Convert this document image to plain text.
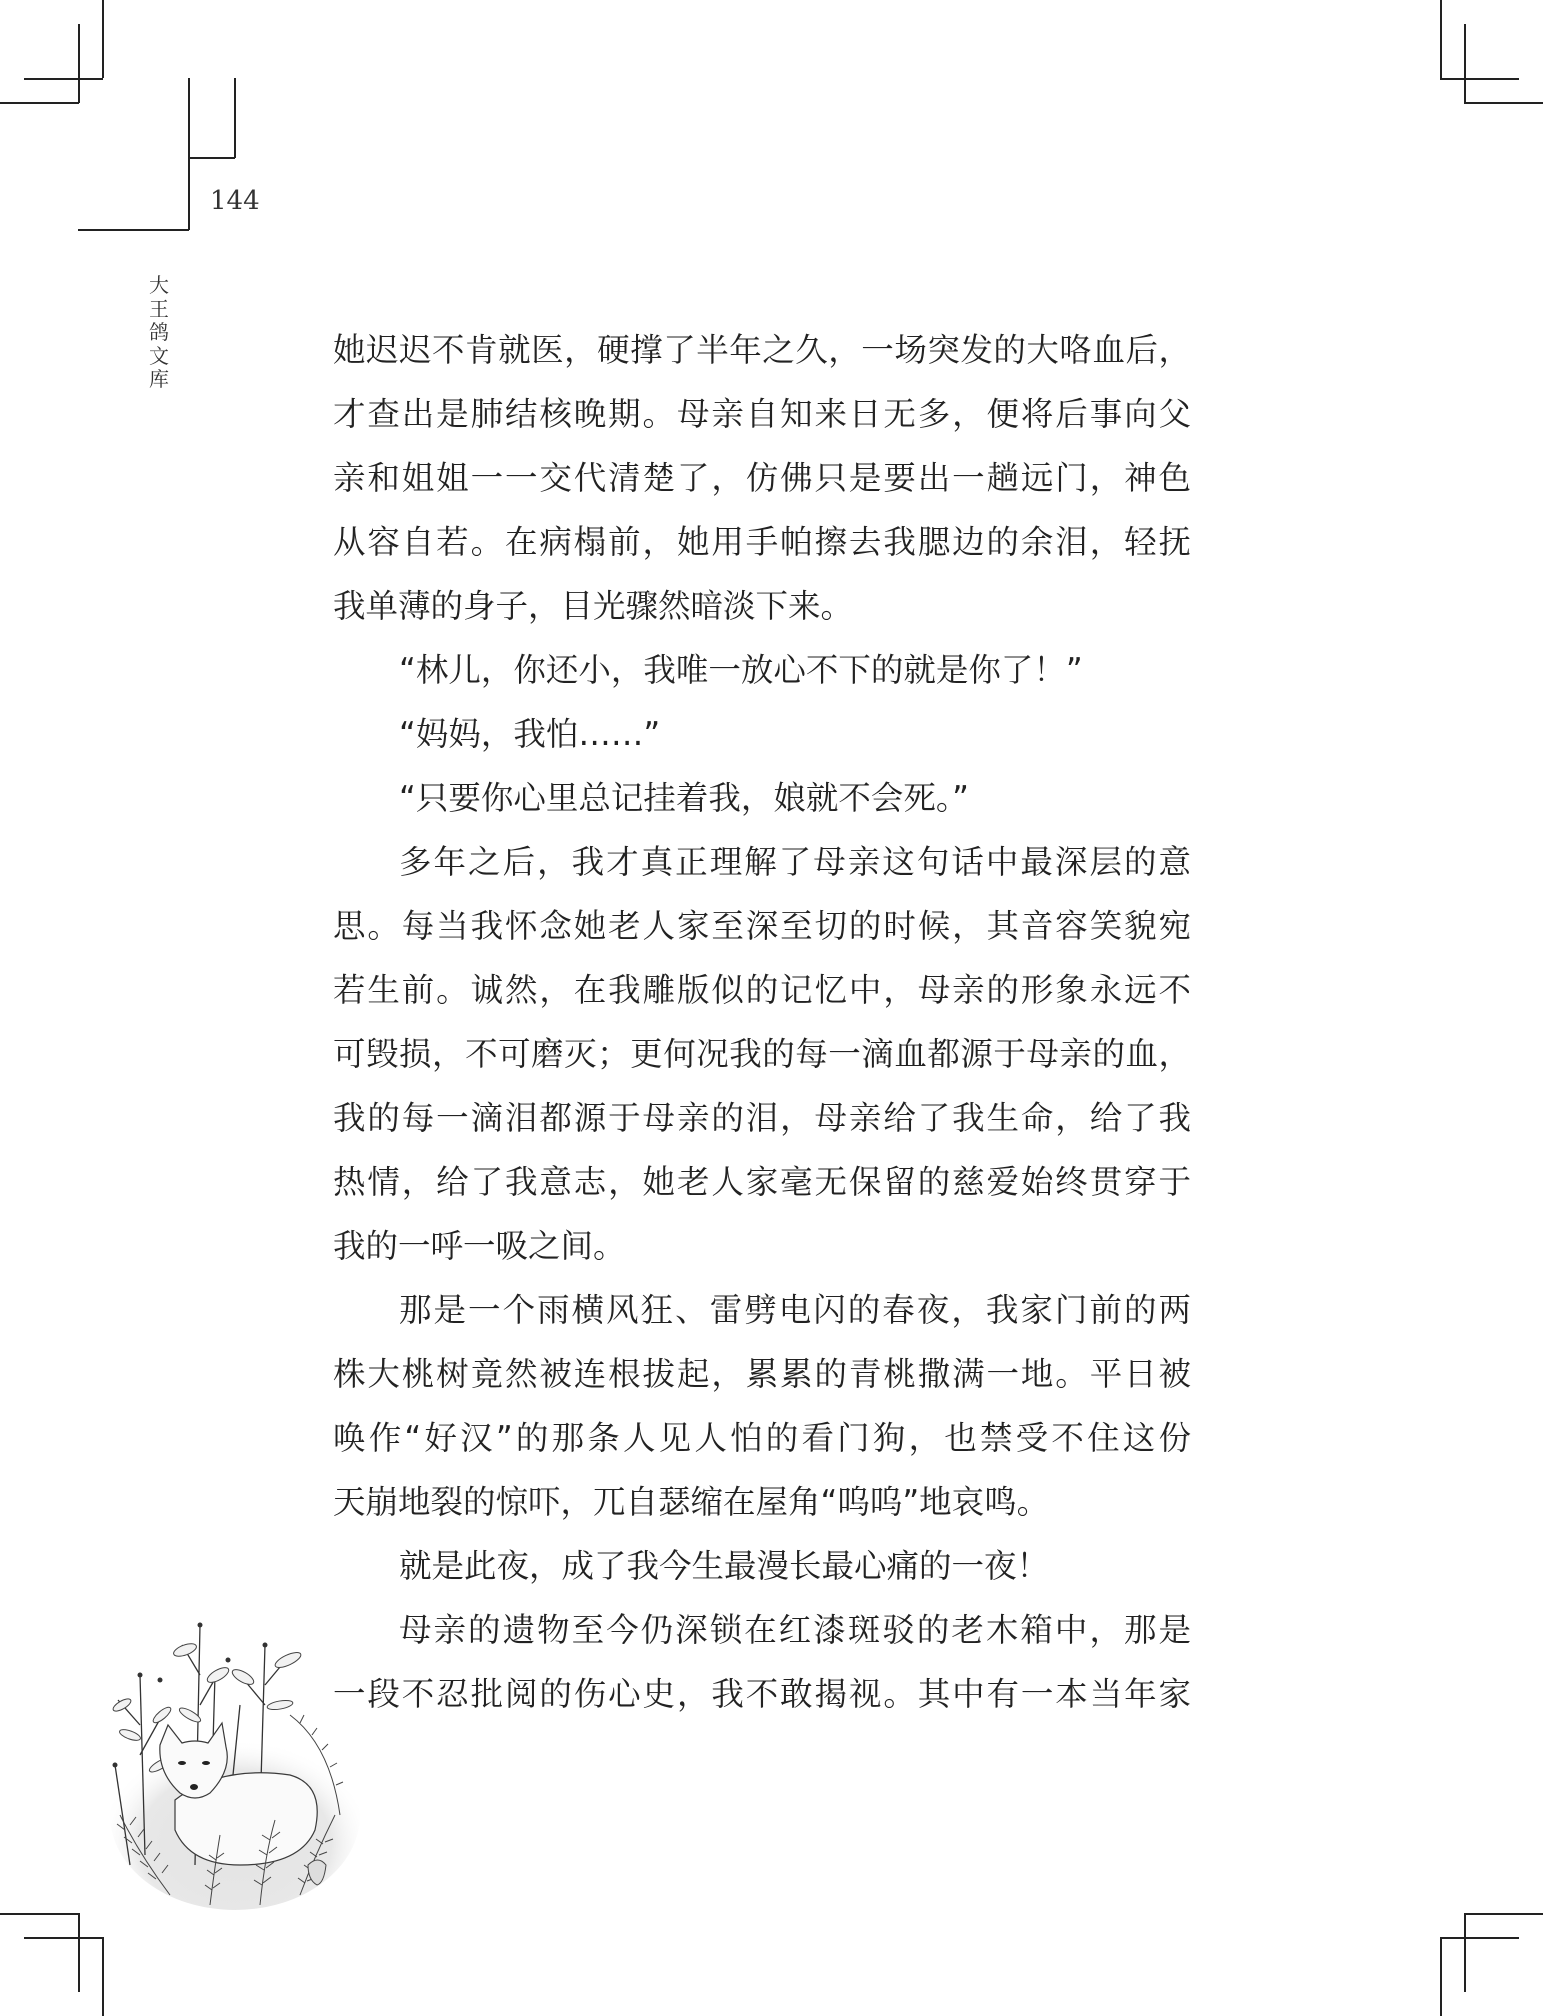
144
大
王
鸽
文
库
她迟迟不肯就医，硬撑了半年之久，一场突发的大咯血后，
才查出是肺结核晚期。母亲自知来日无多，便将后事向父
亲和姐姐一一交代清楚了，仿佛只是要出一趟远门，神色
从容自若。在病榻前，她用手帕擦去我腮边的余泪，轻抚
我单薄的身子，目光骤然暗淡下来。
“林儿，你还小，我唯一放心不下的就是你了！”
“妈妈，我怕……”
“只要你心里总记挂着我，娘就不会死。”
多年之后，我才真正理解了母亲这句话中最深层的意
思。每当我怀念她老人家至深至切的时候，其音容笑貌宛
若生前。诚然，在我雕版似的记忆中，母亲的形象永远不
可毁损，不可磨灭；更何况我的每一滴血都源于母亲的血，
我的每一滴泪都源于母亲的泪，母亲给了我生命，给了我
热情，给了我意志，她老人家毫无保留的慈爱始终贯穿于
我的一呼一吸之间。
那是一个雨横风狂、雷劈电闪的春夜，我家门前的两
株大桃树竟然被连根拔起，累累的青桃撒满一地。平日被
唤作“好汉”的那条人见人怕的看门狗，也禁受不住这份
天崩地裂的惊吓，兀自瑟缩在屋角“呜呜”地哀鸣。
就是此夜，成了我今生最漫长最心痛的一夜！
母亲的遗物至今仍深锁在红漆斑驳的老木箱中，那是
一段不忍批阅的伤心史，我不敢揭视。其中有一本当年家
